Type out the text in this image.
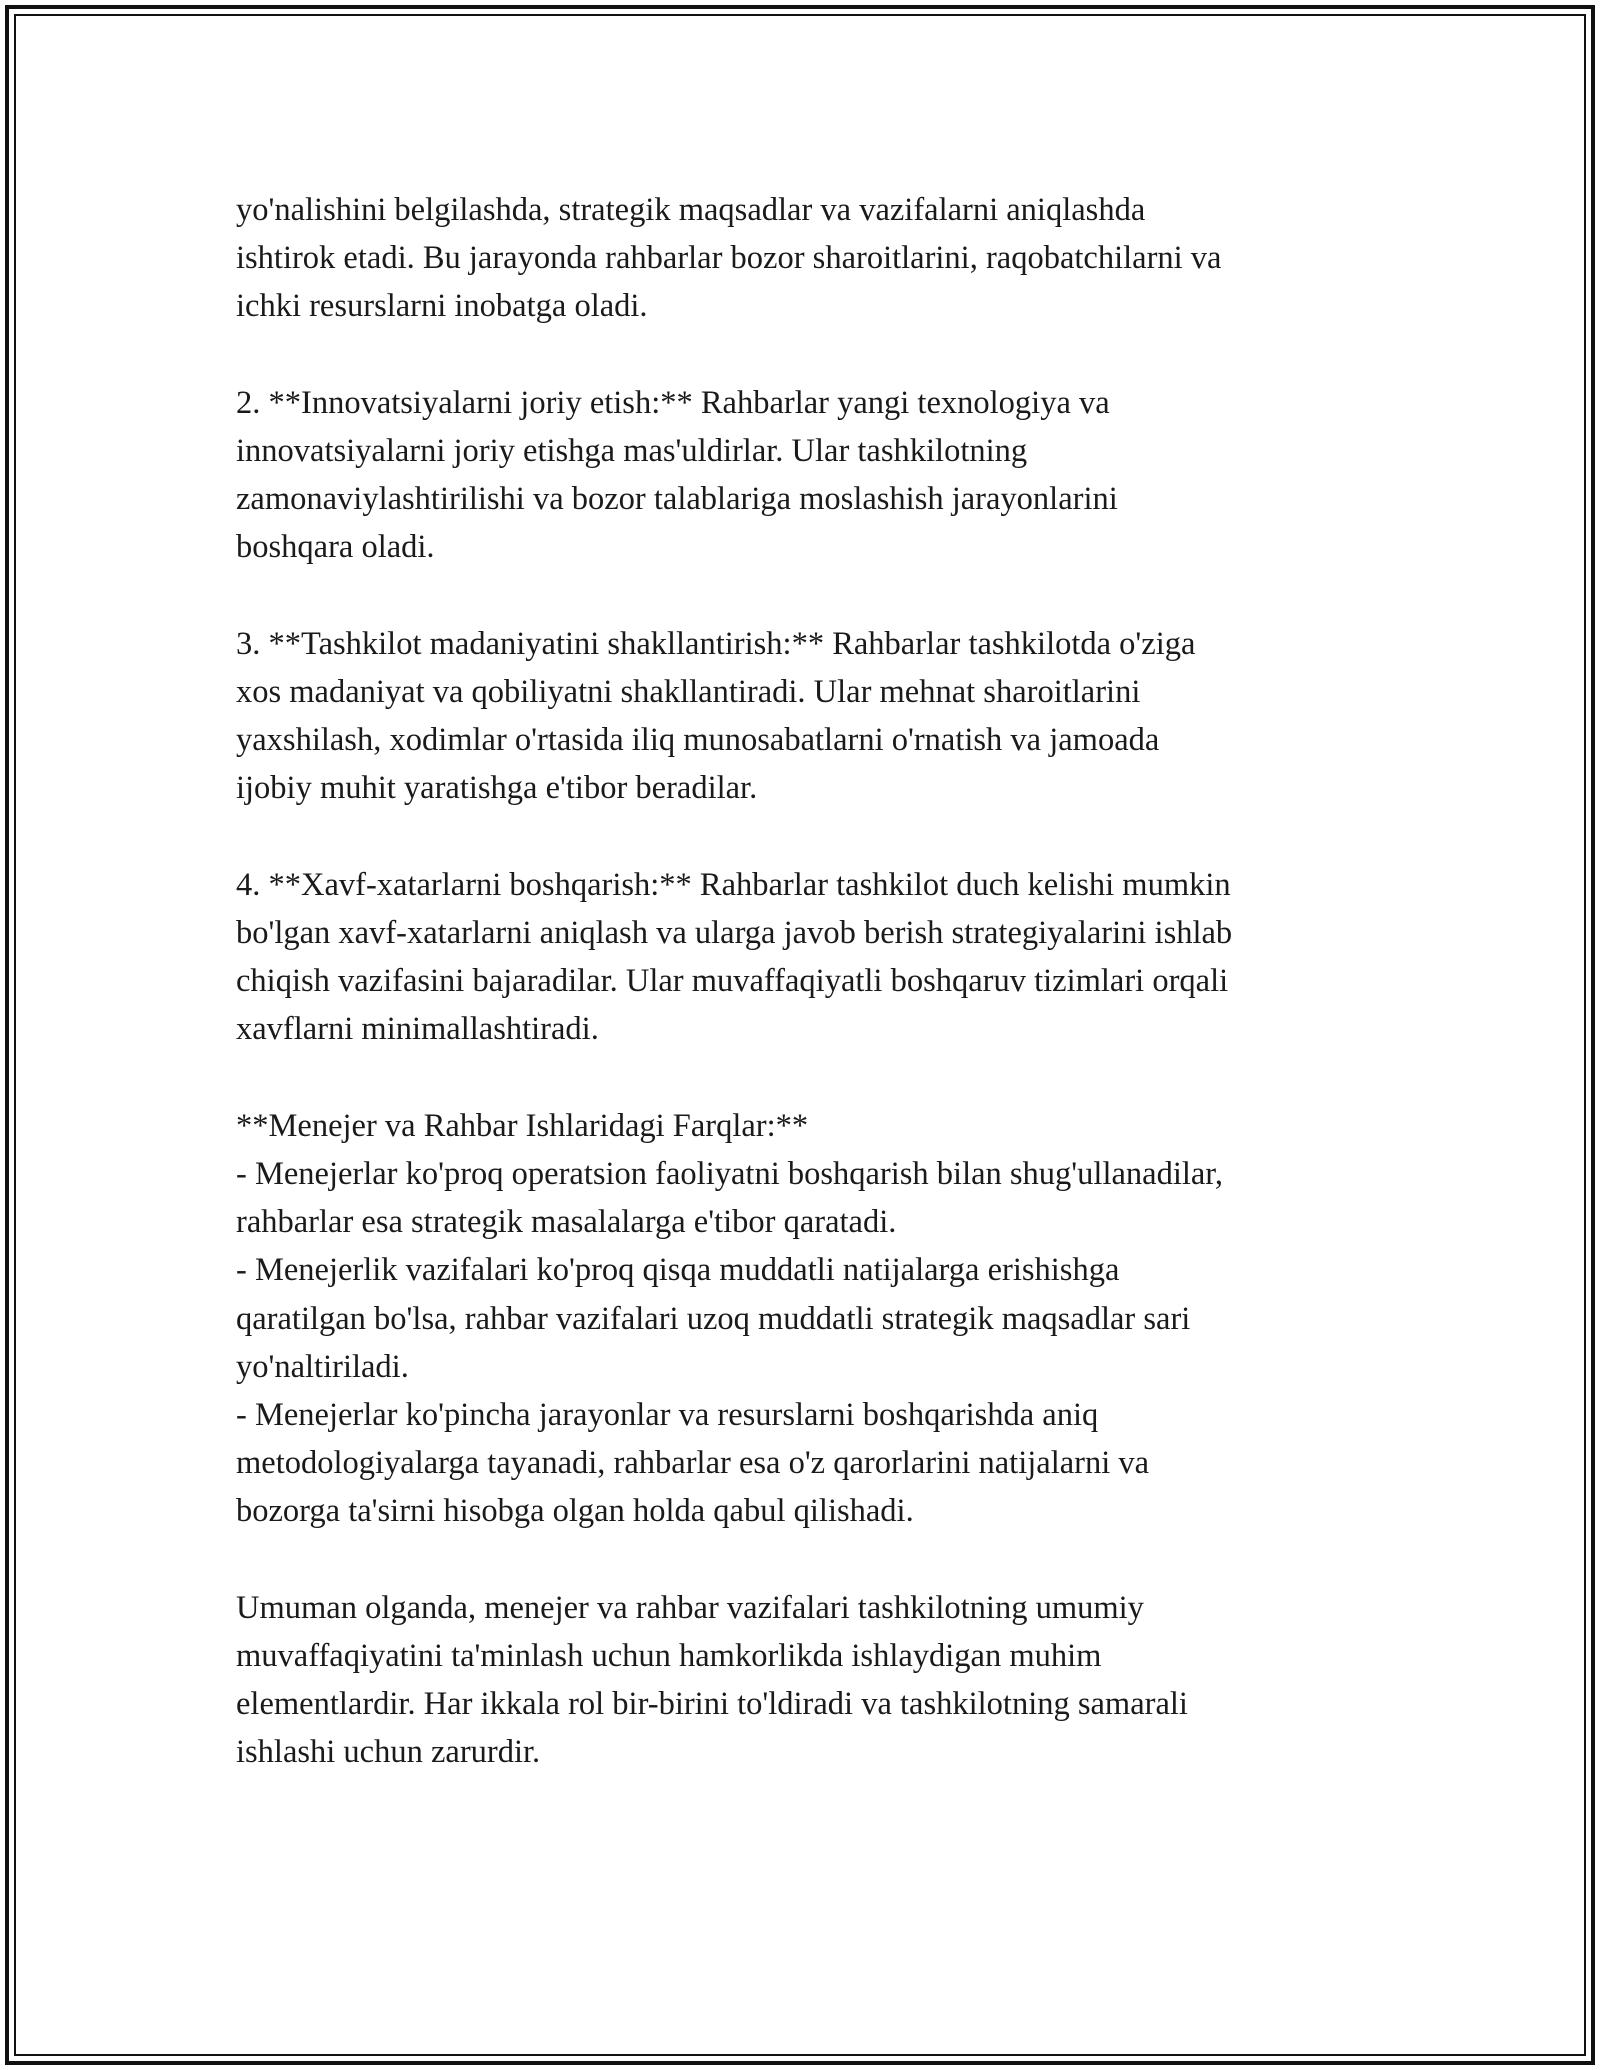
yo'nalishini belgilashda, strategik maqsadlar va vazifalarni aniqlashda
ishtirok etadi. Bu jarayonda rahbarlar bozor sharoitlarini, raqobatchilarni va
ichki resurslarni inobatga oladi.
2. **Innovatsiyalarni joriy etish:** Rahbarlar yangi texnologiya va
innovatsiyalarni joriy etishga mas'uldirlar. Ular tashkilotning
zamonaviylashtirilishi va bozor talablariga moslashish jarayonlarini
boshqara oladi.
3. **Tashkilot madaniyatini shakllantirish:** Rahbarlar tashkilotda o'ziga
xos madaniyat va qobiliyatni shakllantiradi. Ular mehnat sharoitlarini
yaxshilash, xodimlar o'rtasida iliq munosabatlarni o'rnatish va jamoada
ijobiy muhit yaratishga e'tibor beradilar.
4. **Xavf-xatarlarni boshqarish:** Rahbarlar tashkilot duch kelishi mumkin
bo'lgan xavf-xatarlarni aniqlash va ularga javob berish strategiyalarini ishlab
chiqish vazifasini bajaradilar. Ular muvaffaqiyatli boshqaruv tizimlari orqali
xavflarni minimallashtiradi.
**Menejer va Rahbar Ishlaridagi Farqlar:**
- Menejerlar ko'proq operatsion faoliyatni boshqarish bilan shug'ullanadilar,
rahbarlar esa strategik masalalarga e'tibor qaratadi.
- Menejerlik vazifalari ko'proq qisqa muddatli natijalarga erishishga
qaratilgan bo'lsa, rahbar vazifalari uzoq muddatli strategik maqsadlar sari
yo'naltiriladi.
- Menejerlar ko'pincha jarayonlar va resurslarni boshqarishda aniq
metodologiyalarga tayanadi, rahbarlar esa o'z qarorlarini natijalarni va
bozorga ta'sirni hisobga olgan holda qabul qilishadi.
Umuman olganda, menejer va rahbar vazifalari tashkilotning umumiy
muvaffaqiyatini ta'minlash uchun hamkorlikda ishlaydigan muhim
elementlardir. Har ikkala rol bir-birini to'ldiradi va tashkilotning samarali
ishlashi uchun zarurdir.
